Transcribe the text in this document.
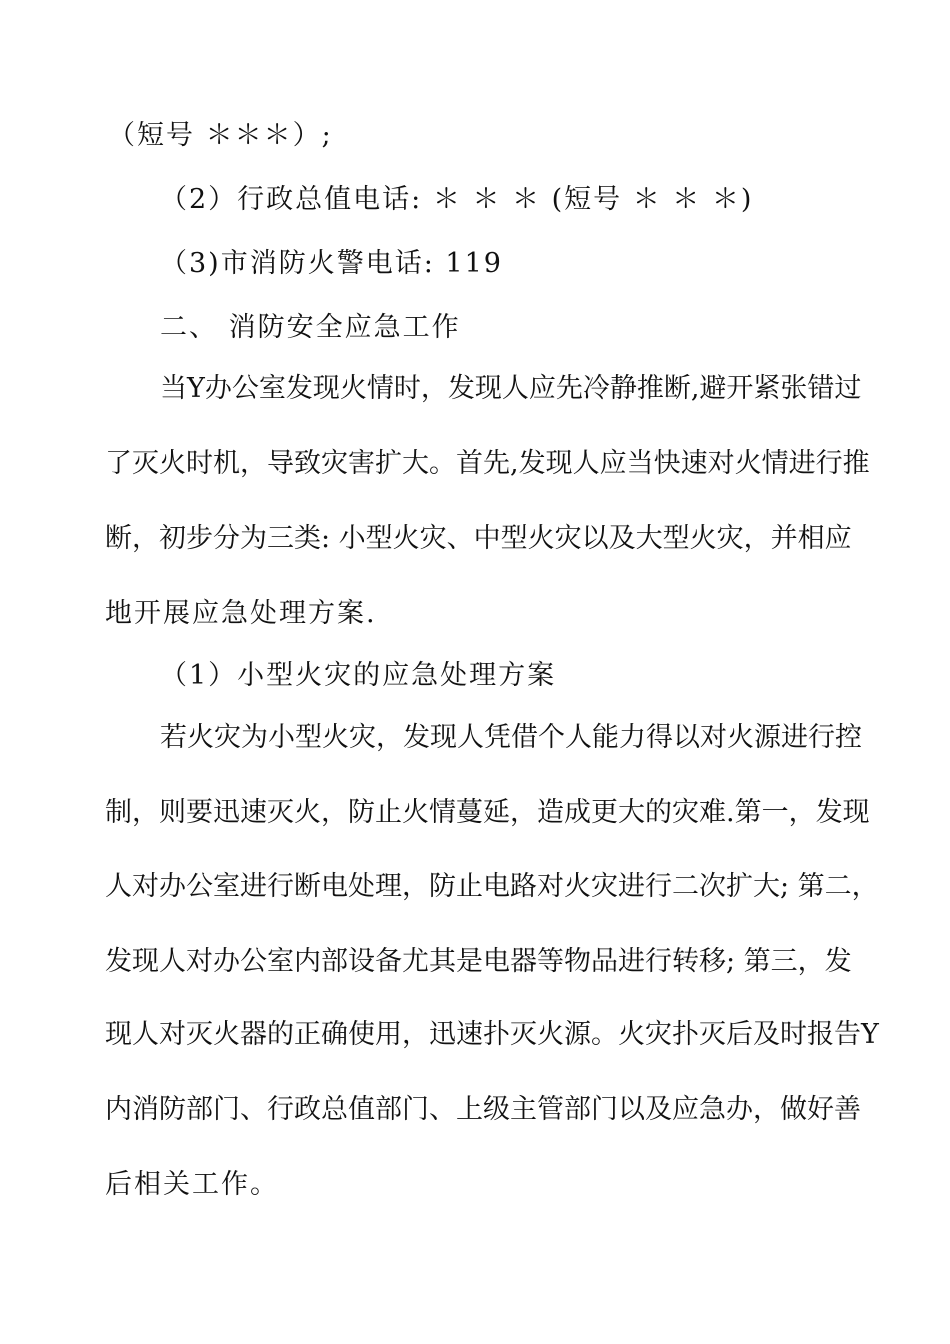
（短号 ＊＊＊）;
（2）行政总值电话: ＊ ＊ ＊ (短号 ＊ ＊ ＊)
（3)市消防火警电话: 119
二、 消防安全应急工作
当Y办公室发现火情时，发现人应先冷静推断,避开紧张错过
了灭火时机，导致灾害扩大。首先,发现人应当快速对火情进行推
断，初步分为三类: 小型火灾、中型火灾以及大型火灾，并相应
地开展应急处理方案.
（1）小型火灾的应急处理方案
若火灾为小型火灾，发现人凭借个人能力得以对火源进行控
制，则要迅速灭火，防止火情蔓延，造成更大的灾难.第一，发现
人对办公室进行断电处理，防止电路对火灾进行二次扩大; 第二，
发现人对办公室内部设备尤其是电器等物品进行转移; 第三，发
现人对灭火器的正确使用，迅速扑灭火源。火灾扑灭后及时报告Y
内消防部门、行政总值部门、上级主管部门以及应急办，做好善
后相关工作。
